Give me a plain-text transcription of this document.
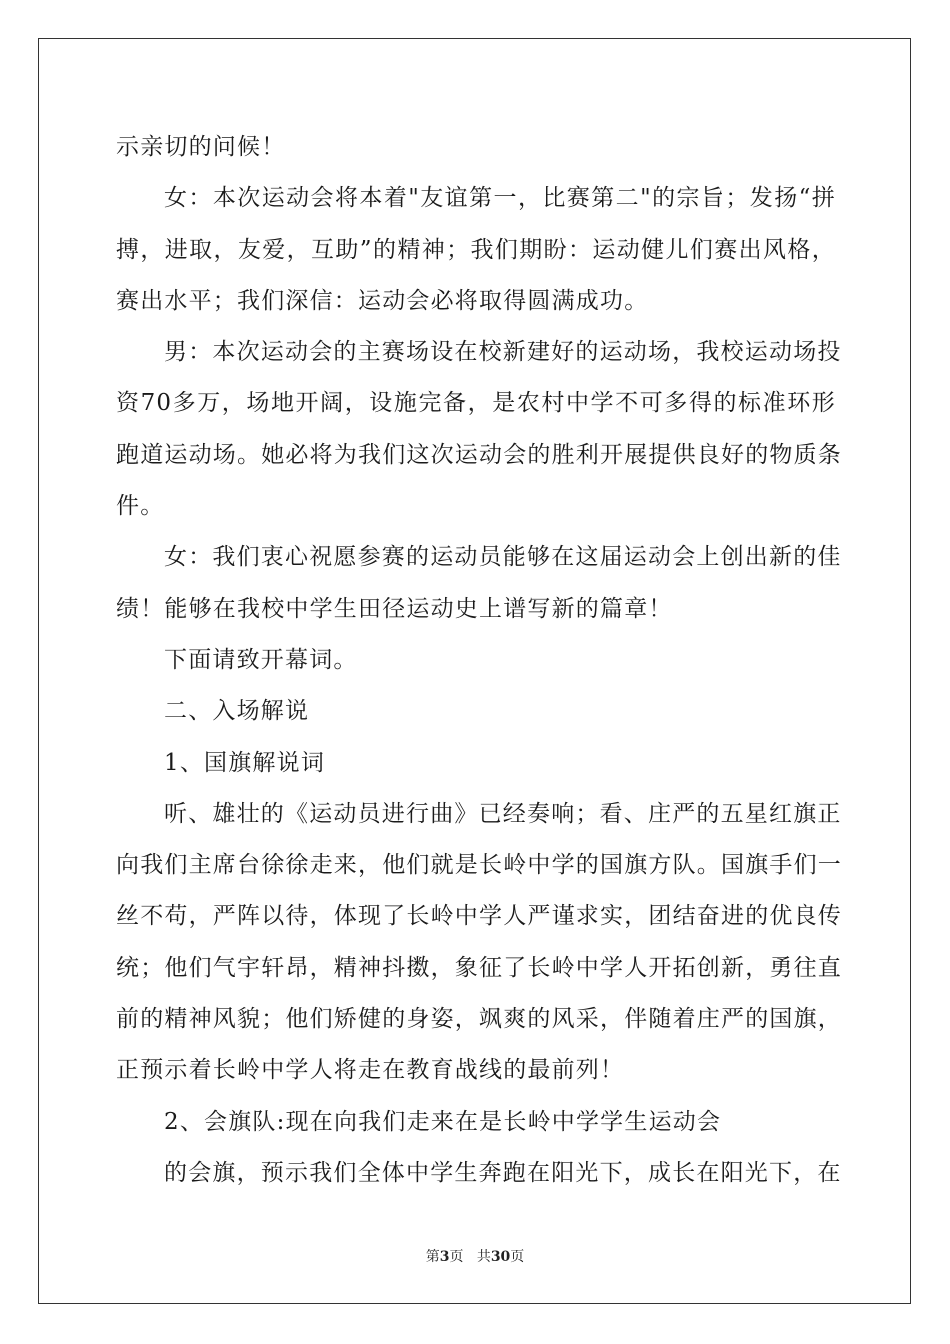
示亲切的问候！
女：本次运动会将本着"友谊第一，比赛第二"的宗旨；发扬“拼
搏，进取，友爱，互助”的精神；我们期盼：运动健儿们赛出风格，
赛出水平；我们深信：运动会必将取得圆满成功。
男：本次运动会的主赛场设在校新建好的运动场，我校运动场投
资70多万，场地开阔，设施完备，是农村中学不可多得的标准环形
跑道运动场。她必将为我们这次运动会的胜利开展提供良好的物质条
件。
女：我们衷心祝愿参赛的运动员能够在这届运动会上创出新的佳
绩！能够在我校中学生田径运动史上谱写新的篇章！
下面请致开幕词。
二、入场解说
1、国旗解说词
听、雄壮的《运动员进行曲》已经奏响；看、庄严的五星红旗正
向我们主席台徐徐走来，他们就是长岭中学的国旗方队。国旗手们一
丝不苟，严阵以待，体现了长岭中学人严谨求实，团结奋进的优良传
统；他们气宇轩昂，精神抖擞，象征了长岭中学人开拓创新，勇往直
前的精神风貌；他们矫健的身姿，飒爽的风采，伴随着庄严的国旗，
正预示着长岭中学人将走在教育战线的最前列！
2、会旗队:现在向我们走来在是长岭中学学生运动会
的会旗，预示我们全体中学生奔跑在阳光下，成长在阳光下，在
第3页 共30页
